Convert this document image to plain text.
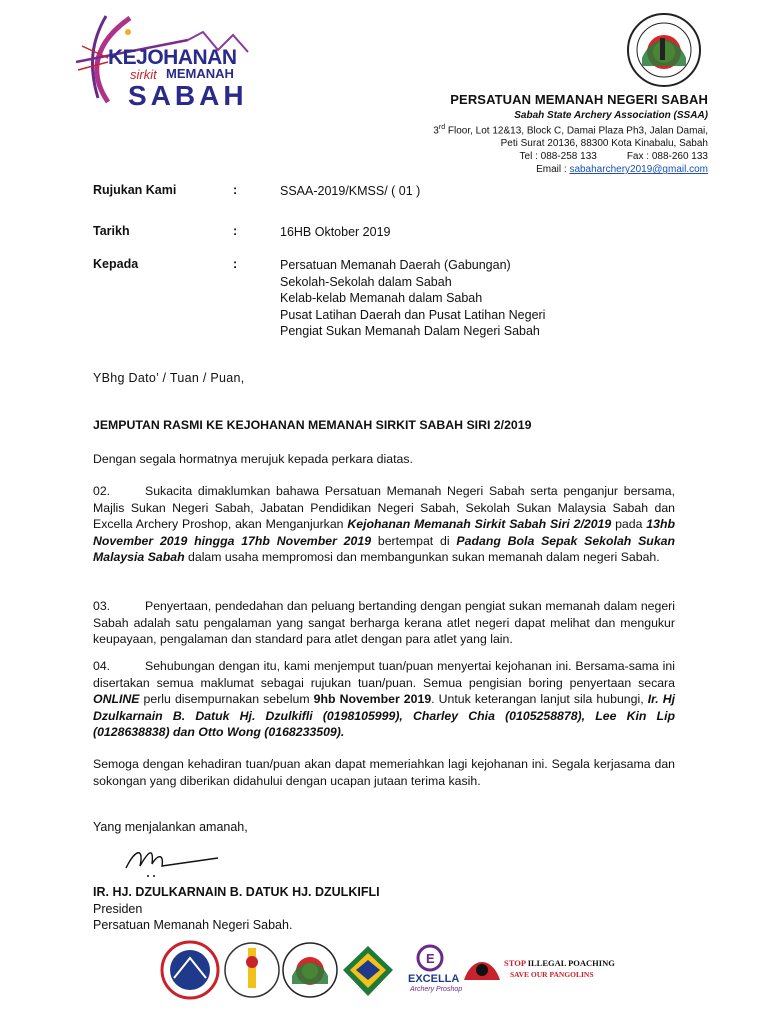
KEJOHANAN
sirkit MEMANAH
SABAH	PERSATUAN MEMANAH NEGERI SABAH
Sabah State Archery Association (SSAA)
3rd Floor, Lot 12&13, Block C, Damai Plaza Ph3, Jalan Damai,
Peti Surat 20136, 88300 Kota Kinabalu, Sabah
Tel : 088-258 133	Fax : 088-260 133
Email : sabaharchery2019@gmail.com
Rujukan Kami	:	SSAA-2019/KMSS/ ( 01 )
Tarikh	:	16HB Oktober 2019
Kepada	:	Persatuan Memanah Daerah (Gabungan)
Sekolah-Sekolah dalam Sabah
Kelab-kelab Memanah dalam Sabah
Pusat Latihan Daerah dan Pusat Latihan Negeri
Pengiat Sukan Memanah Dalam Negeri Sabah
YBhg Dato’ / Tuan / Puan,
JEMPUTAN RASMI KE KEJOHANAN MEMANAH SIRKIT SABAH SIRI 2/2019
Dengan segala hormatnya merujuk kepada perkara diatas.
02.	Sukacita dimaklumkan bahawa Persatuan Memanah Negeri Sabah serta penganjur bersama, Majlis Sukan Negeri Sabah, Jabatan Pendidikan Negeri Sabah, Sekolah Sukan Malaysia Sabah dan Excella Archery Proshop, akan Menganjurkan Kejohanan Memanah Sirkit Sabah Siri 2/2019 pada 13hb November 2019 hingga 17hb November 2019 bertempat di Padang Bola Sepak Sekolah Sukan Malaysia Sabah dalam usaha mempromosi dan membangunkan sukan memanah dalam negeri Sabah.
03.	Penyertaan, pendedahan dan peluang bertanding dengan pengiat sukan memanah dalam negeri Sabah adalah satu pengalaman yang sangat berharga kerana atlet negeri dapat melihat dan mengukur keupayaan, pengalaman dan standard para atlet dengan para atlet yang lain.
04.	Sehubungan dengan itu, kami menjemput tuan/puan menyertai kejohanan ini. Bersama-sama ini disertakan semua maklumat sebagai rujukan tuan/puan. Semua pengisian boring penyertaan secara ONLINE perlu disempurnakan sebelum 9hb November 2019. Untuk keterangan lanjut sila hubungi, Ir. Hj Dzulkarnain B. Datuk Hj. Dzulkifli (0198105999), Charley Chia (0105258878), Lee Kin Lip (0128638838) dan Otto Wong (0168233509).
Semoga dengan kehadiran tuan/puan akan dapat memeriahkan lagi kejohanan ini. Segala kerjasama dan sokongan yang diberikan didahului dengan ucapan jutaan terima kasih.
Yang menjalankan amanah,
IR. HJ. DZULKARNAIN B. DATUK HJ. DZULKIFLI
Presiden
Persatuan Memanah Negeri Sabah.
E
EXCELLA
Archery Proshop
STOP ILLEGAL POACHING
SAVE OUR PANGOLINS
